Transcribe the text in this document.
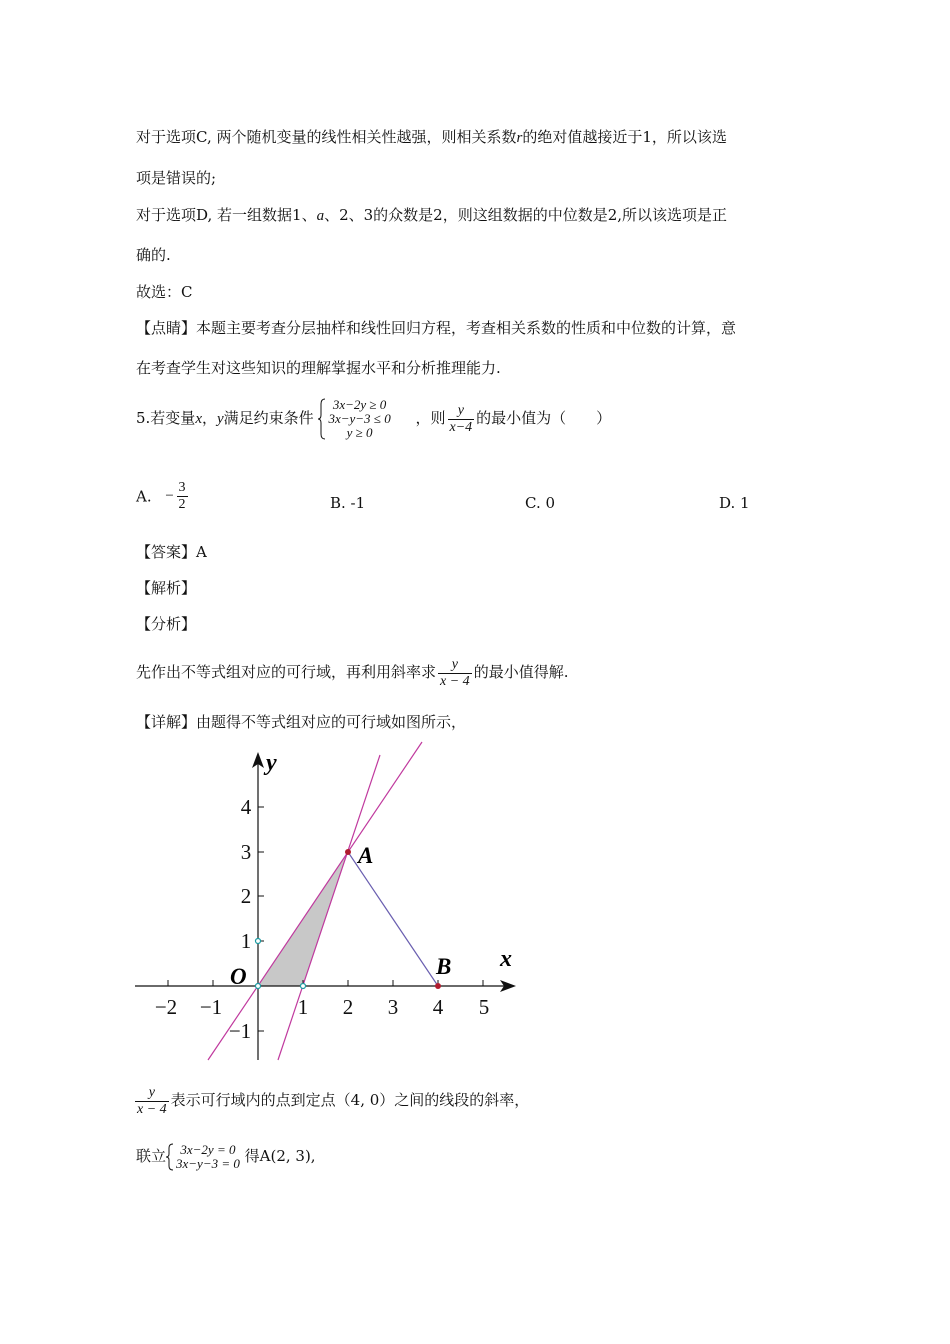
对于选项C, 两个随机变量的线性相关性越强，则相关系数r的绝对值越接近于1，所以该选
项是错误的;
对于选项D, 若一组数据1、a、2、3的众数是2，则这组数据的中位数是2,所以该选项是正
确的.
故选：C
【点睛】本题主要考查分层抽样和线性回归方程，考查相关系数的性质和中位数的计算，意
在考查学生对这些知识的理解掌握水平和分析推理能力.
5.若变量x，y满足约束条件
3x−2y ≥ 0
3x−y−3 ≤ 0
y ≥ 0
，则 $\frac{y}{x-4}$ 的最小值为（　　）
A. − $\frac{3}{2}$	B. -1	C. 0	D. 1
【答案】A
【解析】
【分析】
先作出不等式组对应的可行域，再利用斜率求 $\frac{y}{x - 4}$ 的最小值得解.
【详解】由题得不等式组对应的可行域如图所示，
−2 −1	1 2 3 4 5
4
3
2
1
−1
y
x
O
A
B
$\frac{y}{x - 4}$ 表示可行域内的点到定点（4, 0）之间的线段的斜率，
联立	3x−2y = 0
3x−y−3 = 0 得A(2, 3),
